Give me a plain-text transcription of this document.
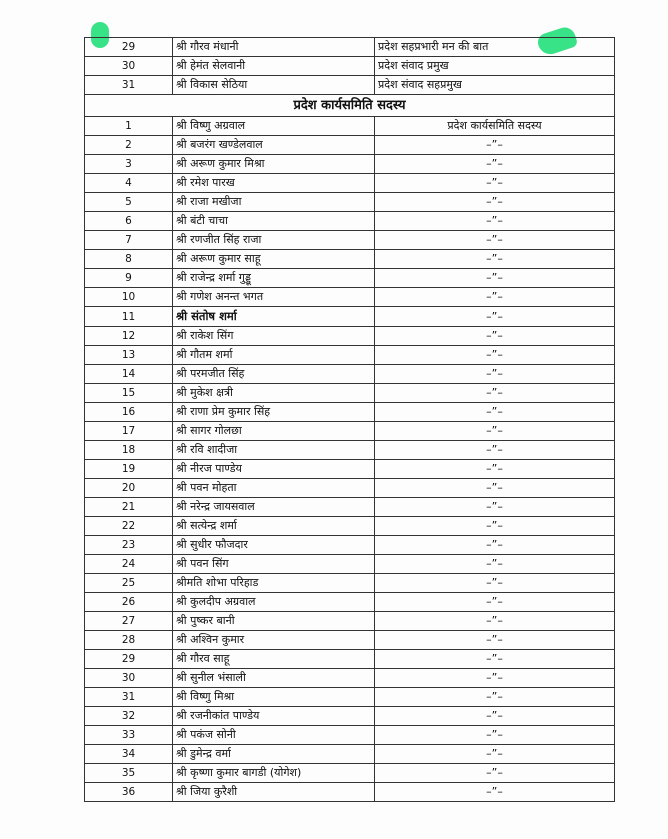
29	श्री गौरव मंधानी	प्रदेश सहप्रभारी मन की बात
30	श्री हेमंत सेलवानी	प्रदेश संवाद प्रमुख
31	श्री विकास सेठिया	प्रदेश संवाद सहप्रमुख
प्रदेश कार्यसमिति सदस्य		
1	श्री विष्णु अग्रवाल	प्रदेश कार्यसमिति सदस्य
2	श्री बजरंग खण्डेलवाल	–”–
3	श्री अरूण कुमार मिश्रा	–”–
4	श्री रमेश पारख	–”–
5	श्री राजा मखीजा	–”–
6	श्री बंटी चाचा	–”–
7	श्री रणजीत सिंह राजा	–”–
8	श्री अरूण कुमार साहू	–”–
9	श्री राजेन्द्र शर्मा गुड्डू	–”–
10	श्री गणेश अनन्त भगत	–”–
11	श्री संतोष शर्मा	–”–
12	श्री राकेश सिंग	–”–
13	श्री गौतम शर्मा	–”–
14	श्री परमजीत सिंह	–”–
15	श्री मुकेश क्षत्री	–”–
16	श्री राणा प्रेम कुमार सिंह	–”–
17	श्री सागर गोलछा	–”–
18	श्री रवि शादीजा	–”–
19	श्री नीरज पाण्डेय	–”–
20	श्री पवन मोहता	–”–
21	श्री नरेन्द्र जायसवाल	–”–
22	श्री सत्येन्द्र शर्मा	–”–
23	श्री सुधीर फौजदार	–”–
24	श्री पवन सिंग	–”–
25	श्रीमति शोभा परिहाड	–”–
26	श्री कुलदीप अग्रवाल	–”–
27	श्री पुष्कर बानी	–”–
28	श्री अश्विन कुमार	–”–
29	श्री गौरव साहू	–”–
30	श्री सुनील भंसाली	–”–
31	श्री विष्णु मिश्रा	–”–
32	श्री रजनीकांत पाण्डेय	–”–
33	श्री पकंज सोनी	–”–
34	श्री डुमेन्द्र वर्मा	–”–
35	श्री कृष्णा कुमार बागडी (योगेश)	–”–
36	श्री जिया कुरैशी	–”–
